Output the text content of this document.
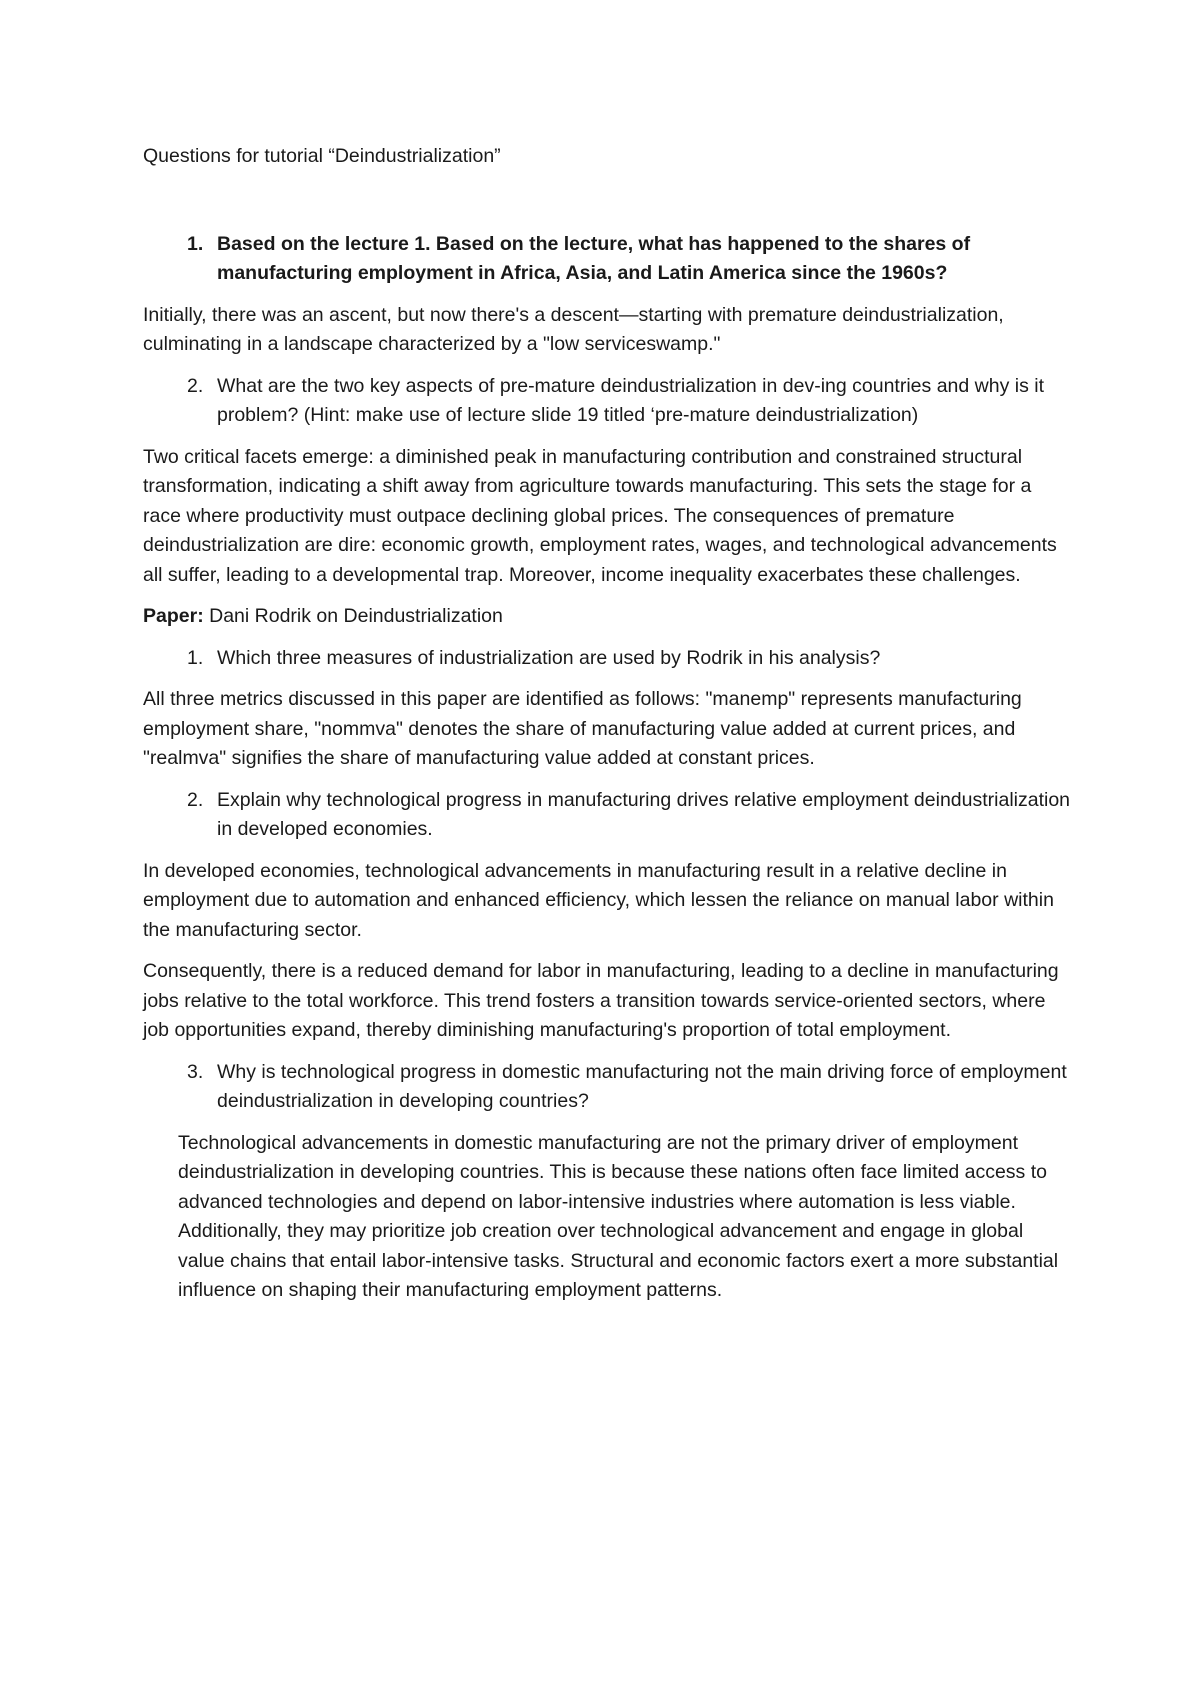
Questions for tutorial “Deindustrialization”
1. Based on the lecture 1. Based on the lecture, what has happened to the shares of manufacturing employment in Africa, Asia, and Latin America since the 1960s?
Initially, there was an ascent, but now there's a descent—starting with premature deindustrialization, culminating in a landscape characterized by a "low serviceswamp."
2. What are the two key aspects of pre-mature deindustrialization in dev-ing countries and why is it problem? (Hint: make use of lecture slide 19 titled ‘pre-mature deindustrialization)
Two critical facets emerge: a diminished peak in manufacturing contribution and constrained structural transformation, indicating a shift away from agriculture towards manufacturing. This sets the stage for a race where productivity must outpace declining global prices. The consequences of premature deindustrialization are dire: economic growth, employment rates, wages, and technological advancements all suffer, leading to a developmental trap. Moreover, income inequality exacerbates these challenges.
Paper: Dani Rodrik on Deindustrialization
1. Which three measures of industrialization are used by Rodrik in his analysis?
All three metrics discussed in this paper are identified as follows: "manemp" represents manufacturing employment share, "nommva" denotes the share of manufacturing value added at current prices, and "realmva" signifies the share of manufacturing value added at constant prices.
2. Explain why technological progress in manufacturing drives relative employment deindustrialization in developed economies.
In developed economies, technological advancements in manufacturing result in a relative decline in employment due to automation and enhanced efficiency, which lessen the reliance on manual labor within the manufacturing sector.
Consequently, there is a reduced demand for labor in manufacturing, leading to a decline in manufacturing jobs relative to the total workforce. This trend fosters a transition towards service-oriented sectors, where job opportunities expand, thereby diminishing manufacturing's proportion of total employment.
3. Why is technological progress in domestic manufacturing not the main driving force of employment deindustrialization in developing countries?
Technological advancements in domestic manufacturing are not the primary driver of employment deindustrialization in developing countries. This is because these nations often face limited access to advanced technologies and depend on labor-intensive industries where automation is less viable. Additionally, they may prioritize job creation over technological advancement and engage in global value chains that entail labor-intensive tasks. Structural and economic factors exert a more substantial influence on shaping their manufacturing employment patterns.
